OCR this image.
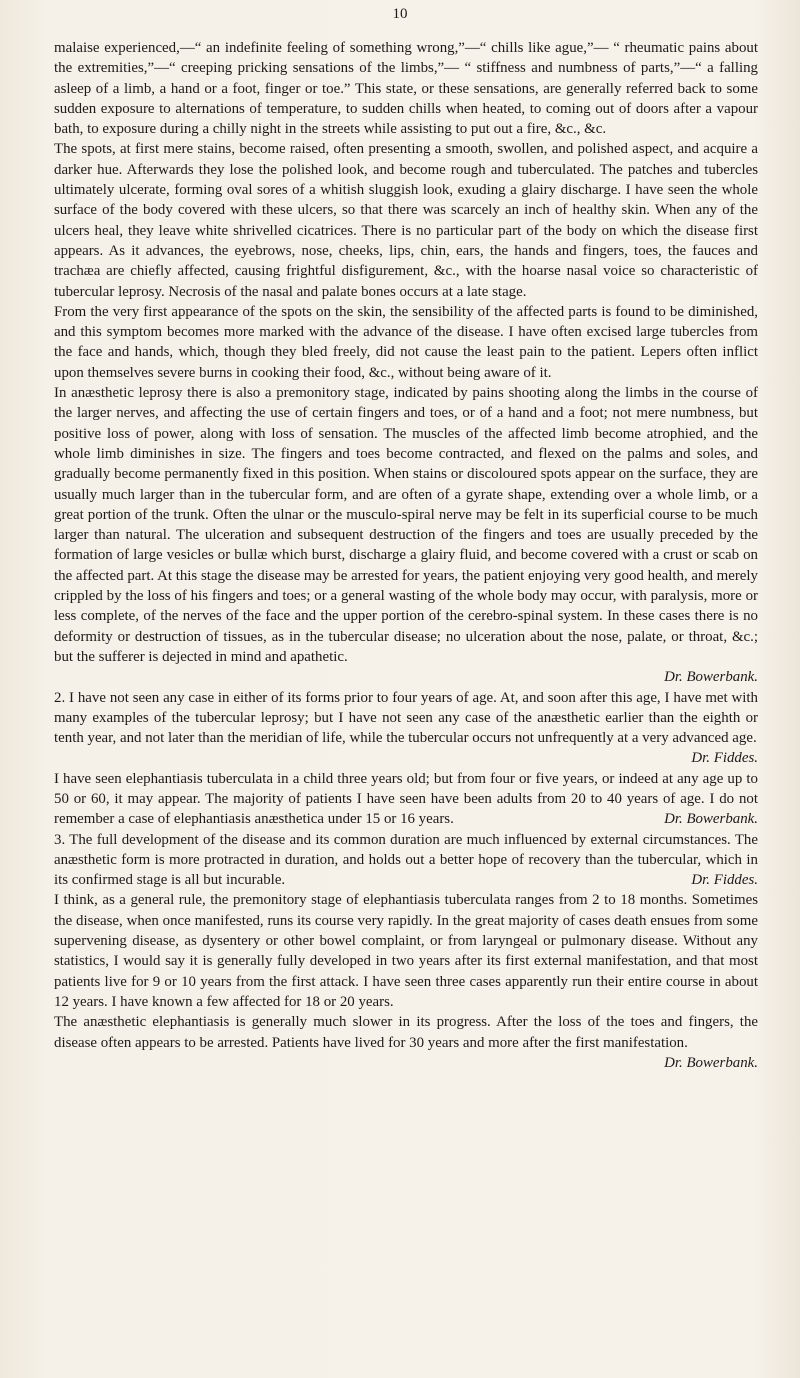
10

malaise experienced,—“ an indefinite feeling of something wrong,”—“ chills like ague,”— “ rheumatic pains about the extremities,”—“ creeping pricking sensations of the limbs,”— “ stiffness and numbness of parts,”—“ a falling asleep of a limb, a hand or a foot, finger or toe.” This state, or these sensations, are generally referred back to some sudden exposure to alternations of temperature, to sudden chills when heated, to coming out of doors after a vapour bath, to exposure during a chilly night in the streets while assisting to put out a fire, &c., &c.

The spots, at first mere stains, become raised, often presenting a smooth, swollen, and polished aspect, and acquire a darker hue. Afterwards they lose the polished look, and become rough and tuberculated. The patches and tubercles ultimately ulcerate, forming oval sores of a whitish sluggish look, exuding a glairy discharge. I have seen the whole surface of the body covered with these ulcers, so that there was scarcely an inch of healthy skin. When any of the ulcers heal, they leave white shrivelled cicatrices. There is no particular part of the body on which the disease first appears. As it advances, the eyebrows, nose, cheeks, lips, chin, ears, the hands and fingers, toes, the fauces and trachæa are chiefly affected, causing frightful disfigurement, &c., with the hoarse nasal voice so characteristic of tubercular leprosy. Necrosis of the nasal and palate bones occurs at a late stage.

From the very first appearance of the spots on the skin, the sensibility of the affected parts is found to be diminished, and this symptom becomes more marked with the advance of the disease. I have often excised large tubercles from the face and hands, which, though they bled freely, did not cause the least pain to the patient. Lepers often inflict upon themselves severe burns in cooking their food, &c., without being aware of it.

In anæsthetic leprosy there is also a premonitory stage, indicated by pains shooting along the limbs in the course of the larger nerves, and affecting the use of certain fingers and toes, or of a hand and a foot; not mere numbness, but positive loss of power, along with loss of sensation. The muscles of the affected limb become atrophied, and the whole limb diminishes in size. The fingers and toes become contracted, and flexed on the palms and soles, and gradually become permanently fixed in this position. When stains or discoloured spots appear on the surface, they are usually much larger than in the tubercular form, and are often of a gyrate shape, extending over a whole limb, or a great portion of the trunk. Often the ulnar or the musculo-spiral nerve may be felt in its superficial course to be much larger than natural. The ulceration and subsequent destruction of the fingers and toes are usually preceded by the formation of large vesicles or bullæ which burst, discharge a glairy fluid, and become covered with a crust or scab on the affected part. At this stage the disease may be arrested for years, the patient enjoying very good health, and merely crippled by the loss of his fingers and toes; or a general wasting of the whole body may occur, with paralysis, more or less complete, of the nerves of the face and the upper portion of the cerebro-spinal system. In these cases there is no deformity or destruction of tissues, as in the tubercular disease; no ulceration about the nose, palate, or throat, &c.; but the sufferer is dejected in mind and apathetic.

Dr. Bowerbank.

2. I have not seen any case in either of its forms prior to four years of age. At, and soon after this age, I have met with many examples of the tubercular leprosy; but I have not seen any case of the anæsthetic earlier than the eighth or tenth year, and not later than the meridian of life, while the tubercular occurs not unfrequently at a very advanced age.

Dr. Fiddes.

I have seen elephantiasis tuberculata in a child three years old; but from four or five years, or indeed at any age up to 50 or 60, it may appear. The majority of patients I have seen have been adults from 20 to 40 years of age. I do not remember a case of elephantiasis anæsthetica under 15 or 16 years.	Dr. Bowerbank.

3. The full development of the disease and its common duration are much influenced by external circumstances. The anæsthetic form is more protracted in duration, and holds out a better hope of recovery than the tubercular, which in its confirmed stage is all but incurable.	Dr. Fiddes.

I think, as a general rule, the premonitory stage of elephantiasis tuberculata ranges from 2 to 18 months. Sometimes the disease, when once manifested, runs its course very rapidly. In the great majority of cases death ensues from some supervening disease, as dysentery or other bowel complaint, or from laryngeal or pulmonary disease. Without any statistics, I would say it is generally fully developed in two years after its first external manifestation, and that most patients live for 9 or 10 years from the first attack. I have seen three cases apparently run their entire course in about 12 years. I have known a few affected for 18 or 20 years.

The anæsthetic elephantiasis is generally much slower in its progress. After the loss of the toes and fingers, the disease often appears to be arrested. Patients have lived for 30 years and more after the first manifestation.
Dr. Bowerbank.
